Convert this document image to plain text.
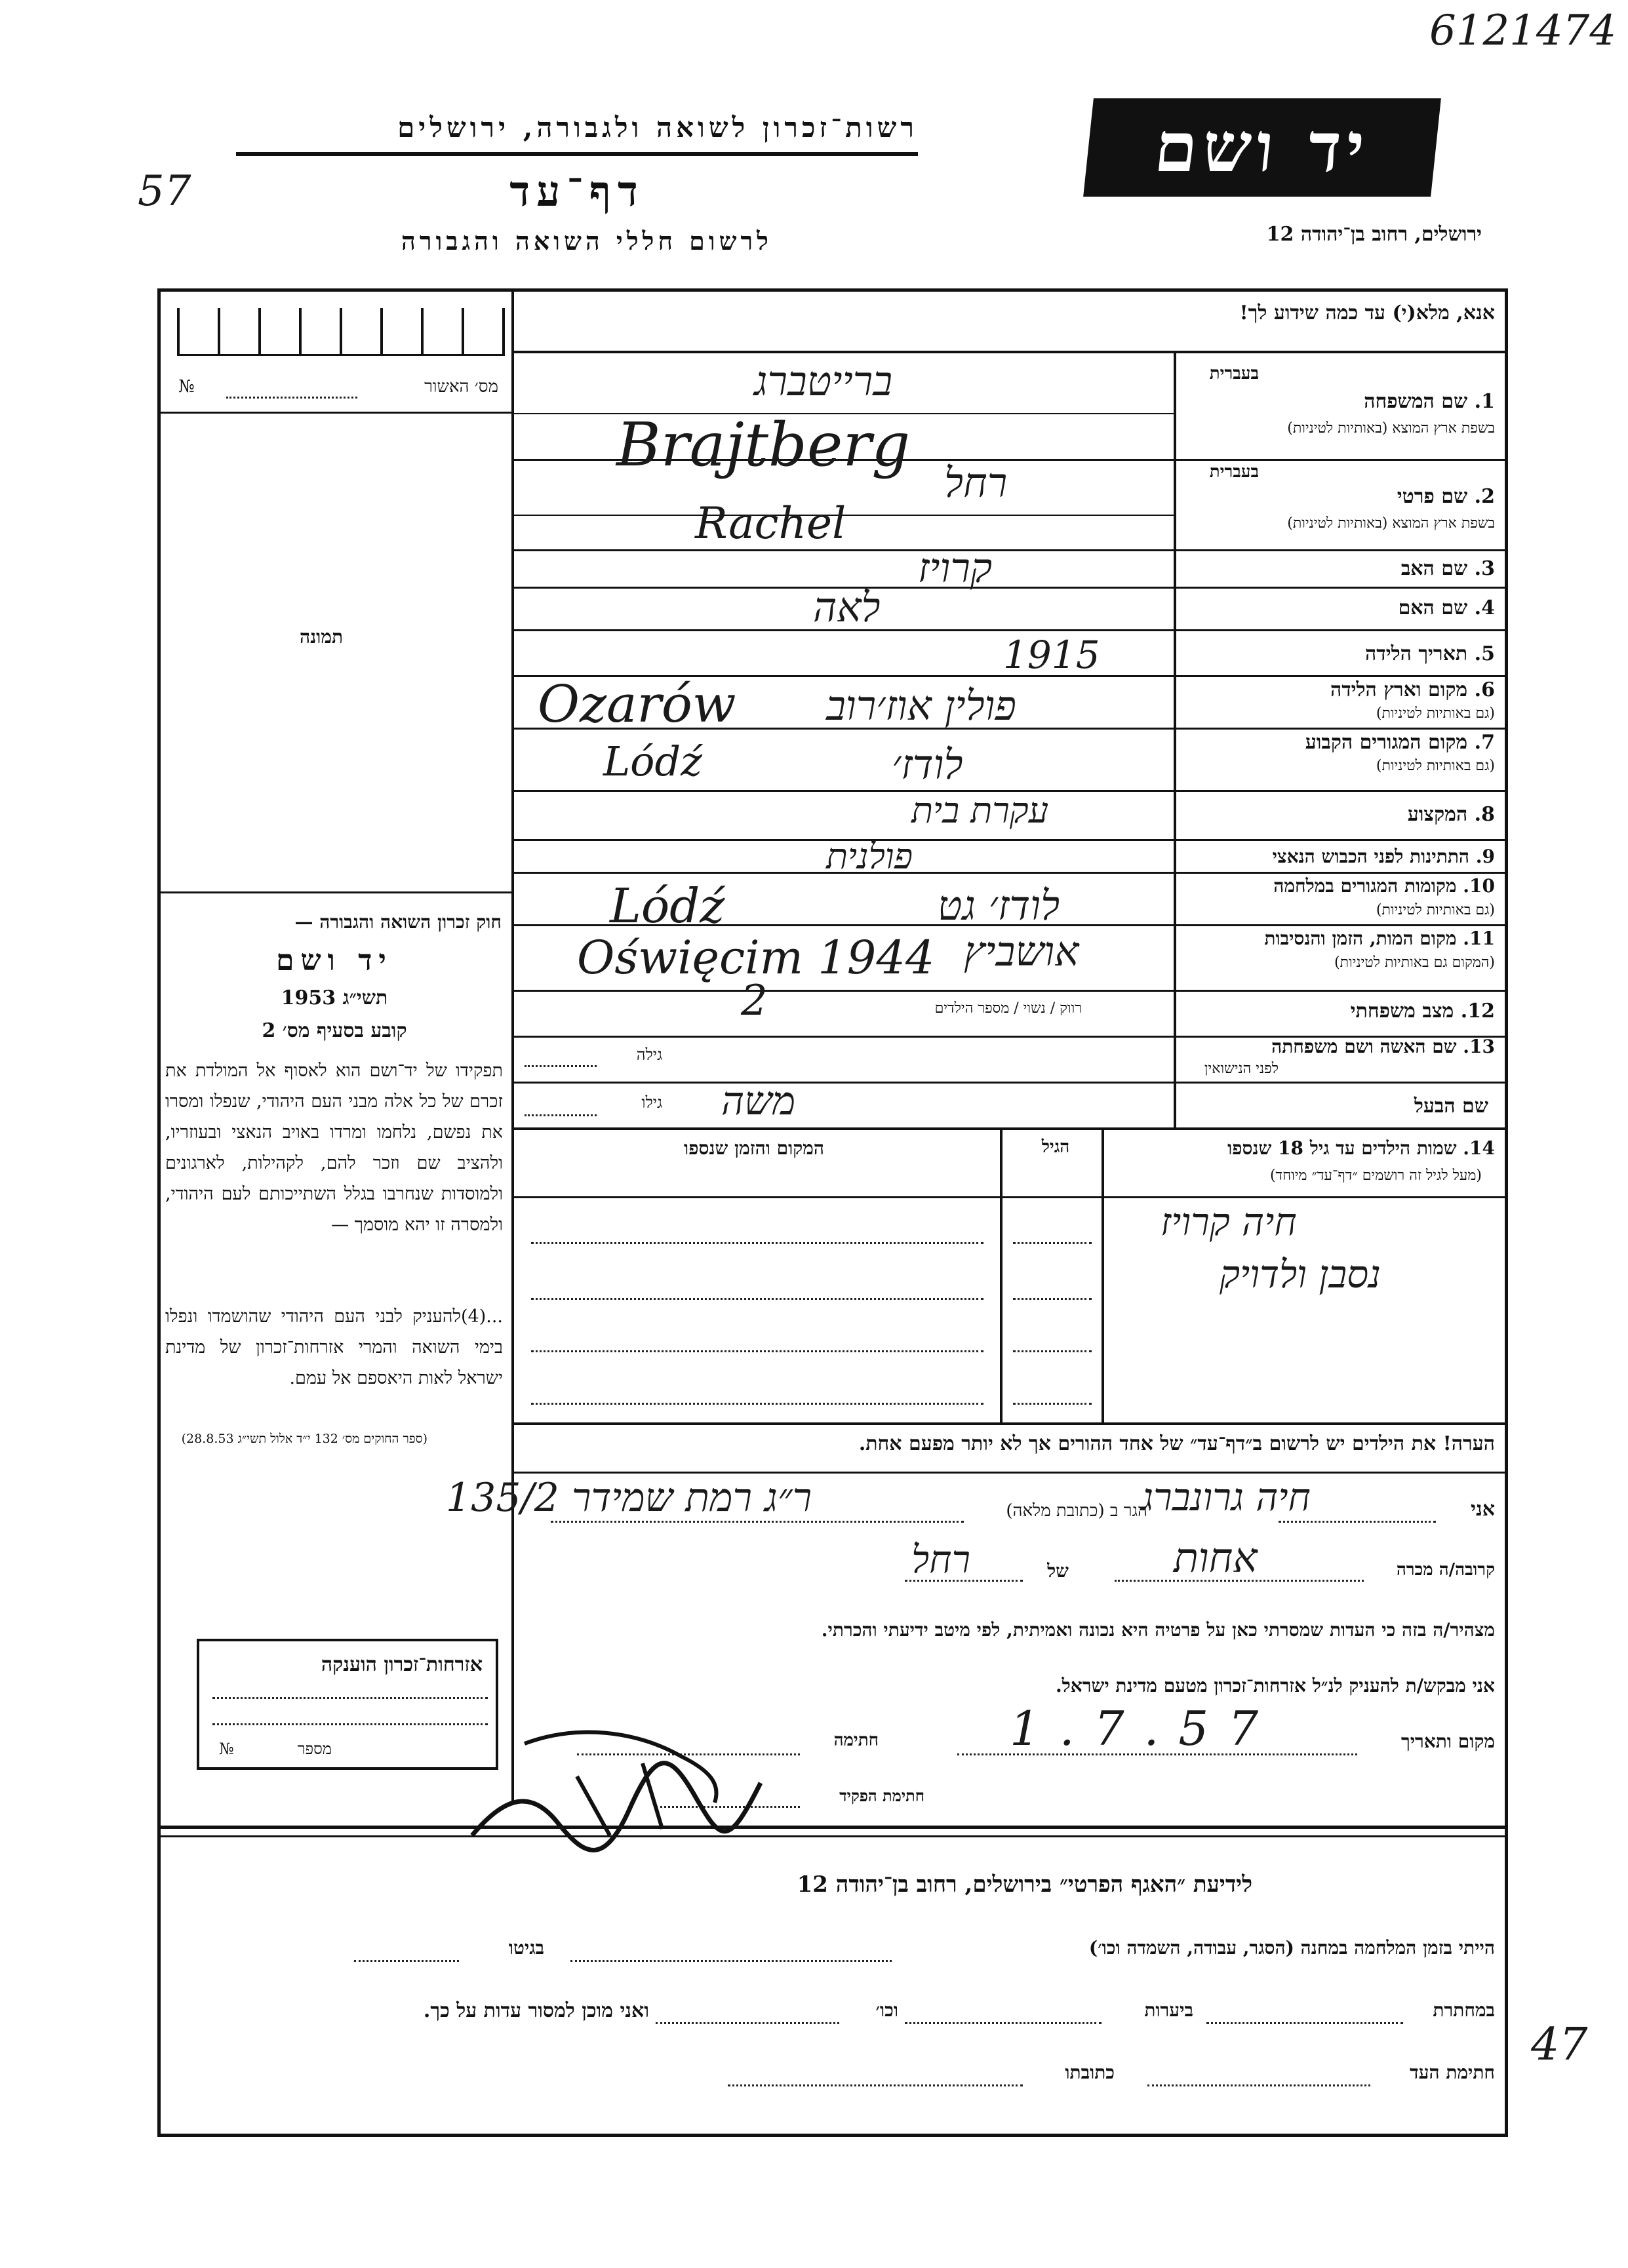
6121474
57
47
רשות־זכרון לשואה ולגבורה, ירושלים
דף־עד
לרשום חללי השואה והגבורה
יד ושם
ירושלים, רחוב בן־יהודה 12
מס׳ האשור
№
תמונה
חוק זכרון השואה והגבורה —
יד ושם
תשי״ג 1953
קובע בסעיף מס׳ 2
תפקידו של יד־ושם הוא לאסוף אל המולדת את זכרם של כל אלה מבני העם היהודי, שנפלו ומסרו את נפשם, נלחמו ומרדו באויב הנאצי ובעוזריו, ולהציב שם וזכר להם, לקהילות, לארגונים ולמוסדות שנחרבו בגלל השתייכותם לעם היהודי, ולמסרה זו יהא מוסמך —
...(4)להעניק לבני העם היהודי שהושמדו ונפלו בימי השואה והמרי אזרחות־זכרון של מדינת ישראל לאות היאספם אל עמם.
(ספר החוקים מס׳ 132 י״ד אלול תשי״ג 28.8.53)
אזרחות־זכרון הוענקה
מספר
№
אנא, מלא(י) עד כמה שידוע לך!
בעברית
1. שם המשפחה
בשפת ארץ המוצא (באותיות לטיניות)
ברייטברג
Brajtberg	בעברית
2. שם פרטי
בשפת ארץ המוצא (באותיות לטיניות)
רחל
Rachel
3. שם האב
קרויז
4. שם האם
לאה
5. תאריך הלידה
1915
6. מקום וארץ הלידה
(גם באותיות לטיניות)
Ozarów פולין אוז׳רוב
7. מקום המגורים הקבוע
(גם באותיות לטיניות)
Lódź	לודז׳
8. המקצוע
עקרת בית
9. התתינות לפני הכבוש הנאצי
פולנית
10. מקומות המגורים במלחמה
(גם באותיות לטיניות)
Lódź	לודז׳ גט
11. מקום המות, הזמן והנסיבות
(המקום גם באותיות לטיניות)
Oświęcim 1944 אושביץ
12. מצב משפחתי
רווק / נשוי / מספר הילדים
2
13. שם האשה ושם משפחתה
לפני הנישואין
גילה
שם הבעל
גילו משה
14. שמות הילדים עד גיל 18 שנספו
(מעל לגיל זה רושמים ״דף־עד״ מיוחד)
הגיל
המקום והזמן שנספו
חיה קרויז
נסבן ולדויק
הערה! את הילדים יש לרשום ב״דף־עד״ של אחד ההורים אך לא יותר מפעם אחת.
אני
חיה גרונברג
הגר ב (כתובת מלאה)
ר״ג רמת שמידר 135/2
קרובה/ה מכרה
אחות
של
רחל
מצהיר/ה בזה כי העדות שמסרתי כאן על פרטיה היא נכונה ואמיתית, לפי מיטב ידיעתי והכרתי.
אני מבקש/ת להעניק לנ״ל אזרחות־זכרון מטעם מדינת ישראל.
מקום ותאריך
1.7.57
חתימה
חתימת הפקיד
לידיעת ״האגף הפרטי״ בירושלים, רחוב בן־יהודה 12
הייתי בזמן המלחמה במחנה (הסגר, עבודה, השמדה וכו׳)
בגיטו
במחתרת
ביערות
וכו׳
ואני מוכן למסור עדות על כך.
חתימת העד
כתובתו
